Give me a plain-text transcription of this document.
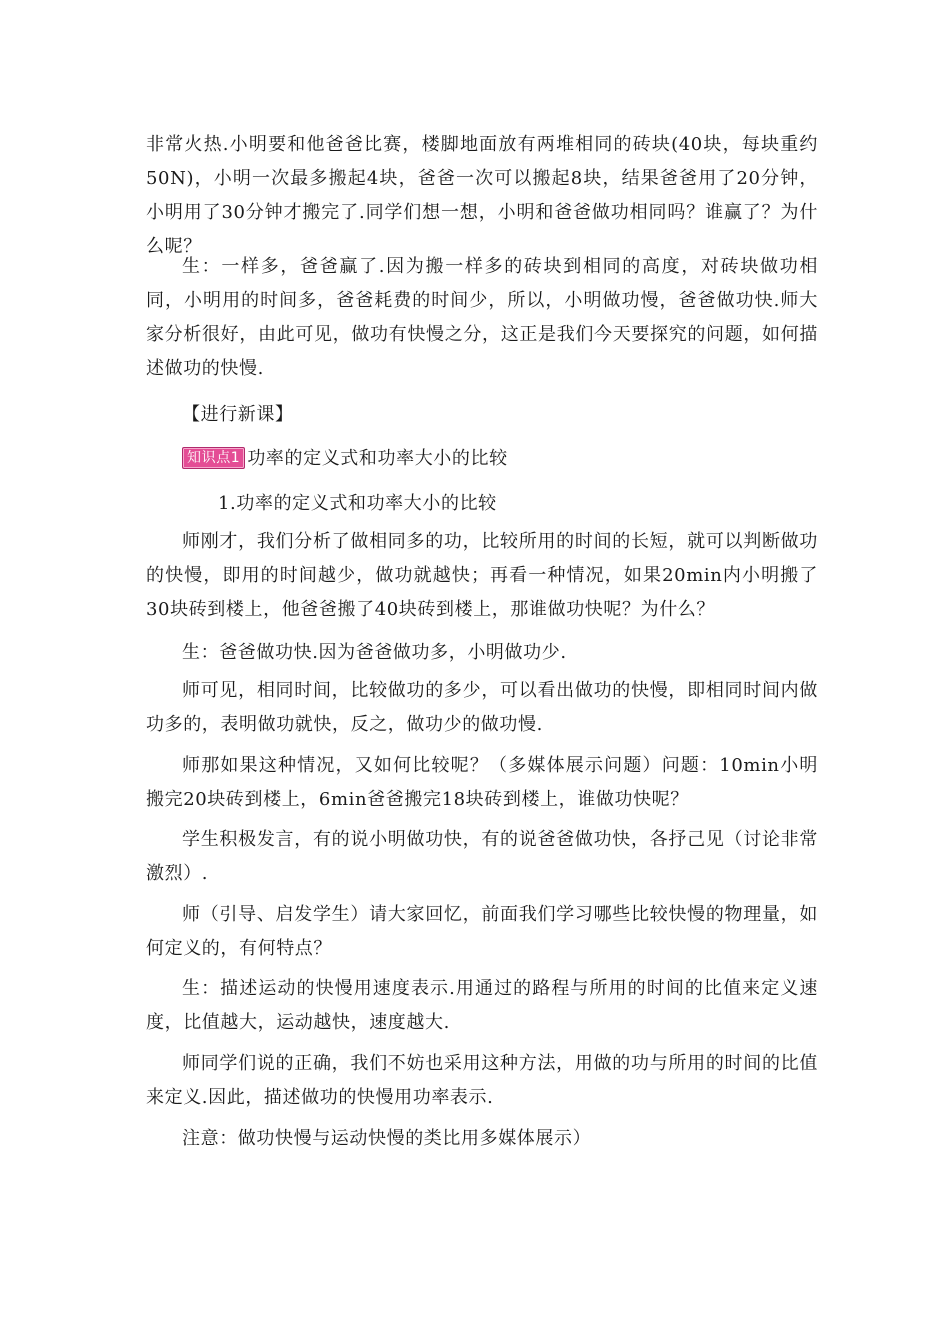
非常火热.小明要和他爸爸比赛，楼脚地面放有两堆相同的砖块(40块，每块重约50N)，小明一次最多搬起4块，爸爸一次可以搬起8块，结果爸爸用了20分钟，小明用了30分钟才搬完了.同学们想一想，小明和爸爸做功相同吗？谁赢了？为什么呢？

生：一样多，爸爸赢了.因为搬一样多的砖块到相同的高度，对砖块做功相同，小明用的时间多，爸爸耗费的时间少，所以，小明做功慢，爸爸做功快.师大家分析很好，由此可见，做功有快慢之分，这正是我们今天要探究的问题，如何描述做功的快慢.

【进行新课】
知识点1 功率的定义式和功率大小的比较
1.功率的定义式和功率大小的比较

师刚才，我们分析了做相同多的功，比较所用的时间的长短，就可以判断做功的快慢，即用的时间越少，做功就越快；再看一种情况，如果20min内小明搬了30块砖到楼上，他爸爸搬了40块砖到楼上，那谁做功快呢？为什么？

生：爸爸做功快.因为爸爸做功多，小明做功少.

师可见，相同时间，比较做功的多少，可以看出做功的快慢，即相同时间内做功多的，表明做功就快，反之，做功少的做功慢.

师那如果这种情况，又如何比较呢？（多媒体展示问题）问题：10min小明搬完20块砖到楼上，6min爸爸搬完18块砖到楼上，谁做功快呢？

学生积极发言，有的说小明做功快，有的说爸爸做功快，各抒己见（讨论非常激烈）.

师（引导、启发学生）请大家回忆，前面我们学习哪些比较快慢的物理量，如何定义的，有何特点？

生：描述运动的快慢用速度表示.用通过的路程与所用的时间的比值来定义速度，比值越大，运动越快，速度越大.

师同学们说的正确，我们不妨也采用这种方法，用做的功与所用的时间的比值来定义.因此，描述做功的快慢用功率表示.

注意：做功快慢与运动快慢的类比用多媒体展示）
